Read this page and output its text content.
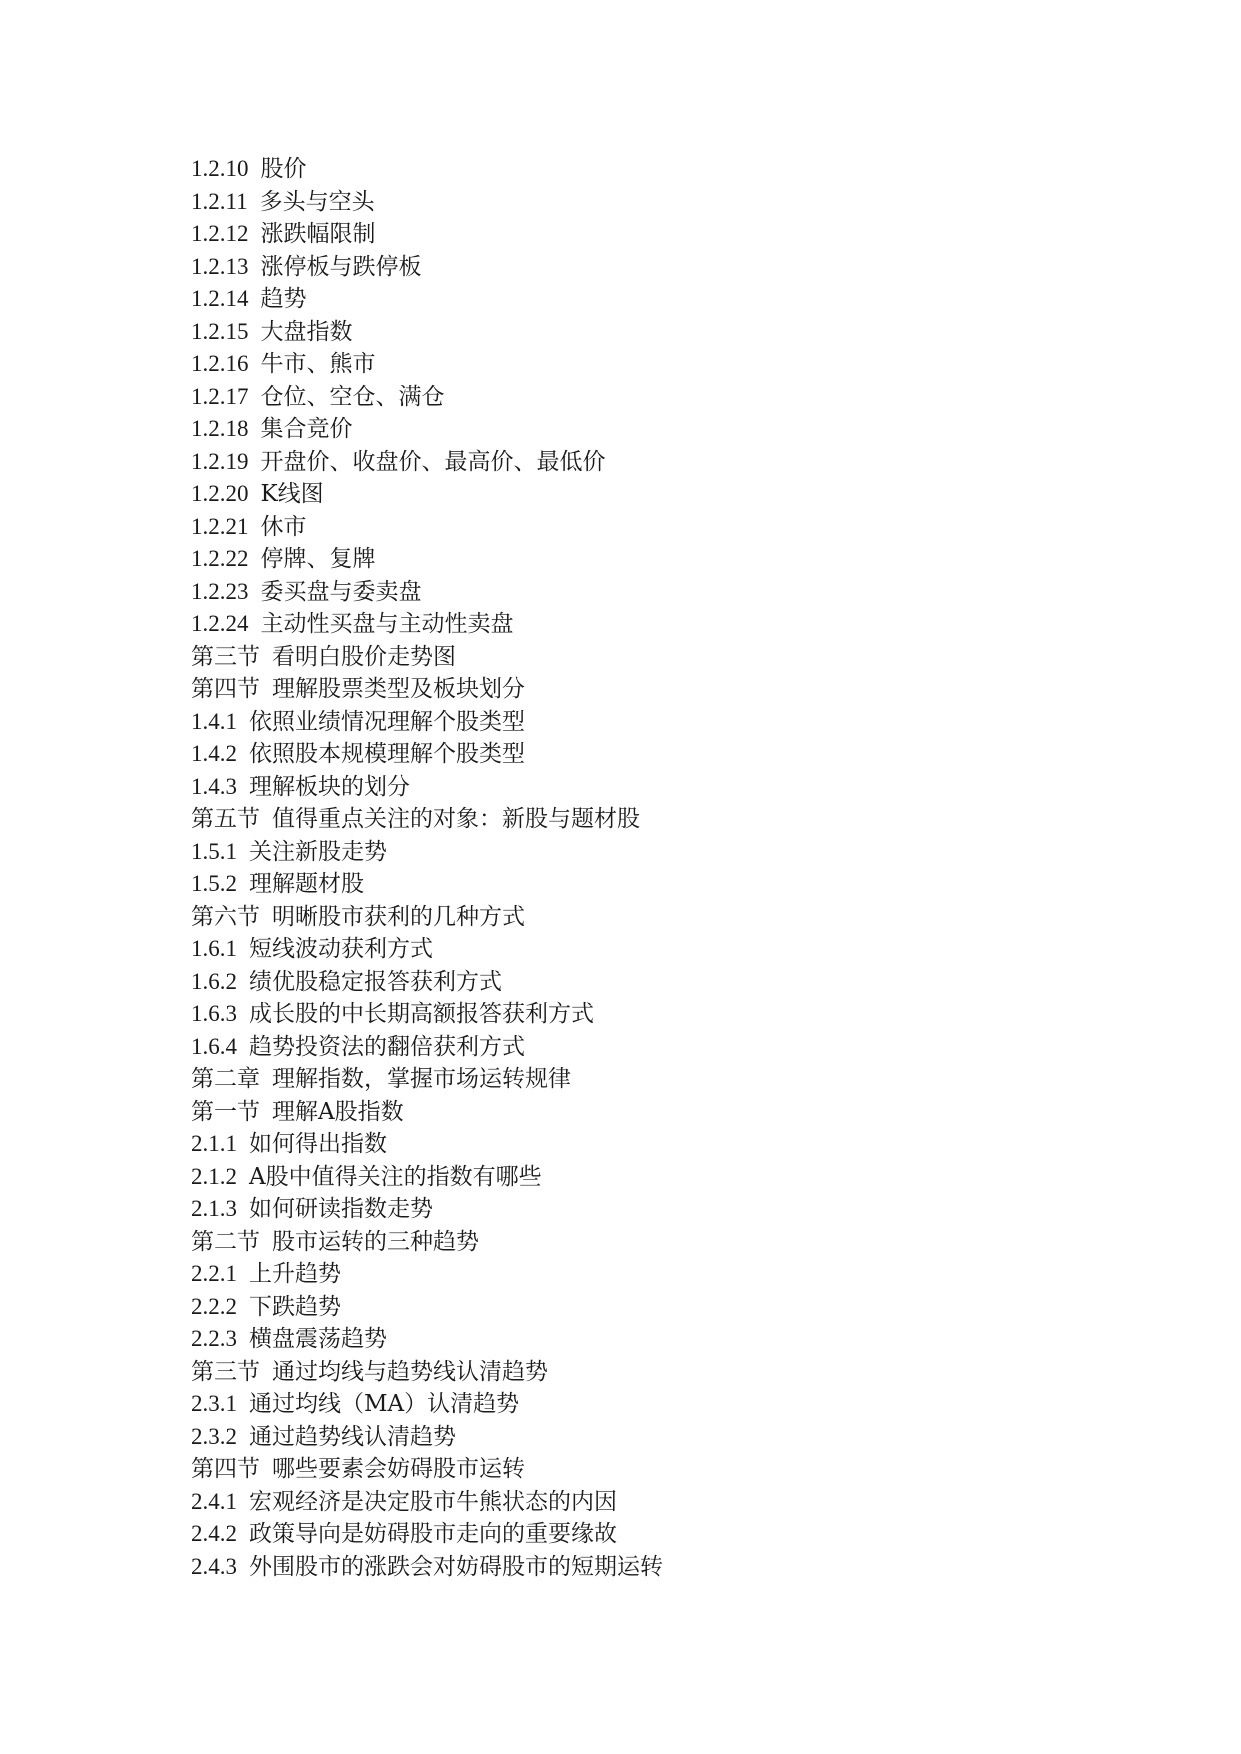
1.2.10 股价
1.2.11 多头与空头
1.2.12 涨跌幅限制
1.2.13 涨停板与跌停板
1.2.14 趋势
1.2.15 大盘指数
1.2.16 牛市、熊市
1.2.17 仓位、空仓、满仓
1.2.18 集合竞价
1.2.19 开盘价、收盘价、最高价、最低价
1.2.20 K线图
1.2.21 休市
1.2.22 停牌、复牌
1.2.23 委买盘与委卖盘
1.2.24 主动性买盘与主动性卖盘
第三节 看明白股价走势图
第四节 理解股票类型及板块划分
1.4.1 依照业绩情况理解个股类型
1.4.2 依照股本规模理解个股类型
1.4.3 理解板块的划分
第五节 值得重点关注的对象：新股与题材股
1.5.1 关注新股走势
1.5.2 理解题材股
第六节 明晰股市获利的几种方式
1.6.1 短线波动获利方式
1.6.2 绩优股稳定报答获利方式
1.6.3 成长股的中长期高额报答获利方式
1.6.4 趋势投资法的翻倍获利方式
第二章 理解指数，掌握市场运转规律
第一节 理解A股指数
2.1.1 如何得出指数
2.1.2 A股中值得关注的指数有哪些
2.1.3 如何研读指数走势
第二节 股市运转的三种趋势
2.2.1 上升趋势
2.2.2 下跌趋势
2.2.3 横盘震荡趋势
第三节 通过均线与趋势线认清趋势
2.3.1 通过均线（MA）认清趋势
2.3.2 通过趋势线认清趋势
第四节 哪些要素会妨碍股市运转
2.4.1 宏观经济是决定股市牛熊状态的内因
2.4.2 政策导向是妨碍股市走向的重要缘故
2.4.3 外围股市的涨跌会对妨碍股市的短期运转
